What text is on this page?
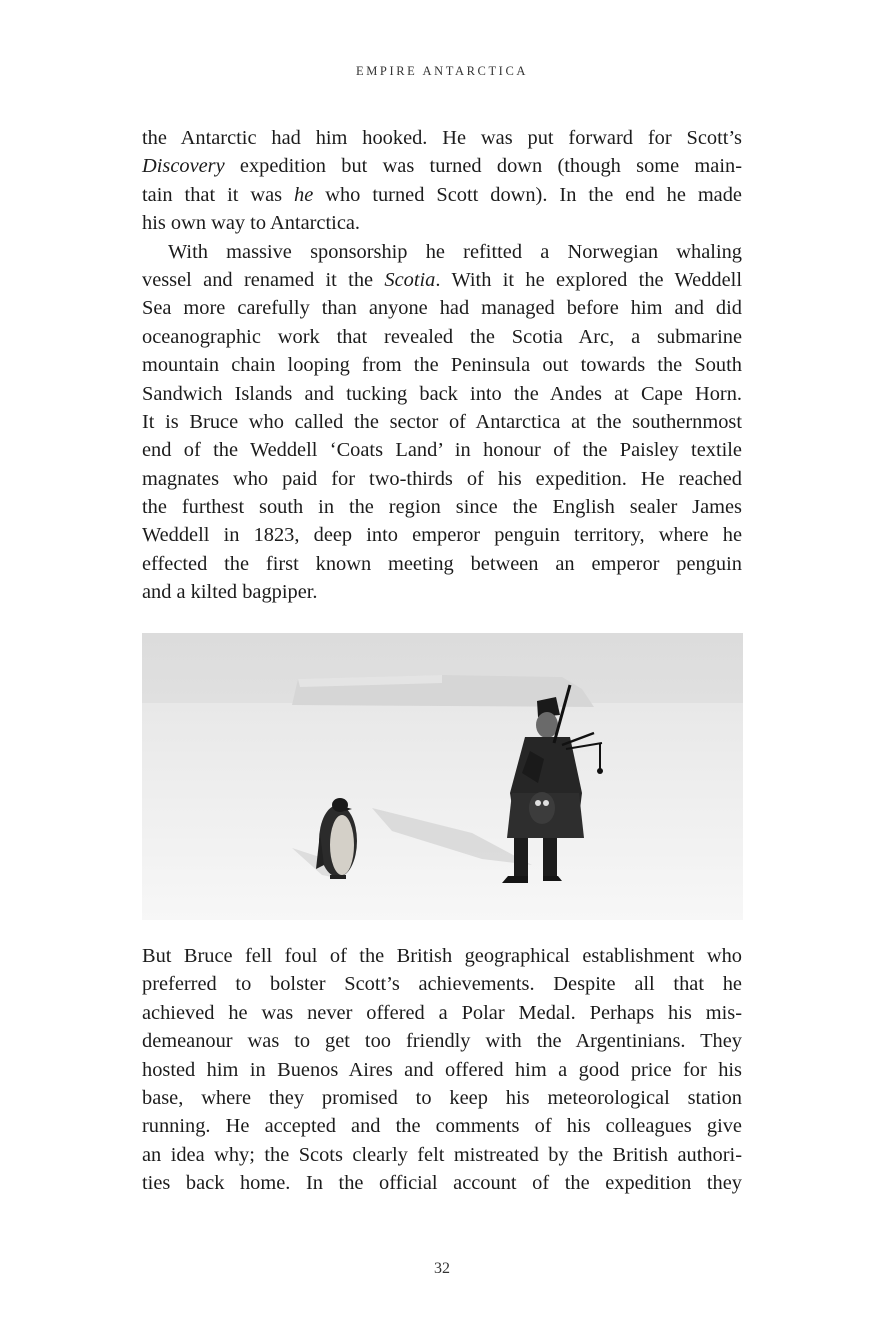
EMPIRE ANTARCTICA
the Antarctic had him hooked. He was put forward for Scott’s
Discovery expedition but was turned down (though some main-
tain that it was he who turned Scott down). In the end he made
his own way to Antarctica.
With massive sponsorship he refitted a Norwegian whaling
vessel and renamed it the Scotia. With it he explored the Weddell
Sea more carefully than anyone had managed before him and did
oceanographic work that revealed the Scotia Arc, a submarine
mountain chain looping from the Peninsula out towards the South
Sandwich Islands and tucking back into the Andes at Cape Horn.
It is Bruce who called the sector of Antarctica at the southernmost
end of the Weddell ‘Coats Land’ in honour of the Paisley textile
magnates who paid for two-thirds of his expedition. He reached
the furthest south in the region since the English sealer James
Weddell in 1823, deep into emperor penguin territory, where he
effected the first known meeting between an emperor penguin
and a kilted bagpiper.
But Bruce fell foul of the British geographical establishment who
preferred to bolster Scott’s achievements. Despite all that he
achieved he was never offered a Polar Medal. Perhaps his mis-
demeanour was to get too friendly with the Argentinians. They
hosted him in Buenos Aires and offered him a good price for his
base, where they promised to keep his meteorological station
running. He accepted and the comments of his colleagues give
an idea why; the Scots clearly felt mistreated by the British authori-
ties back home. In the official account of the expedition they
32
